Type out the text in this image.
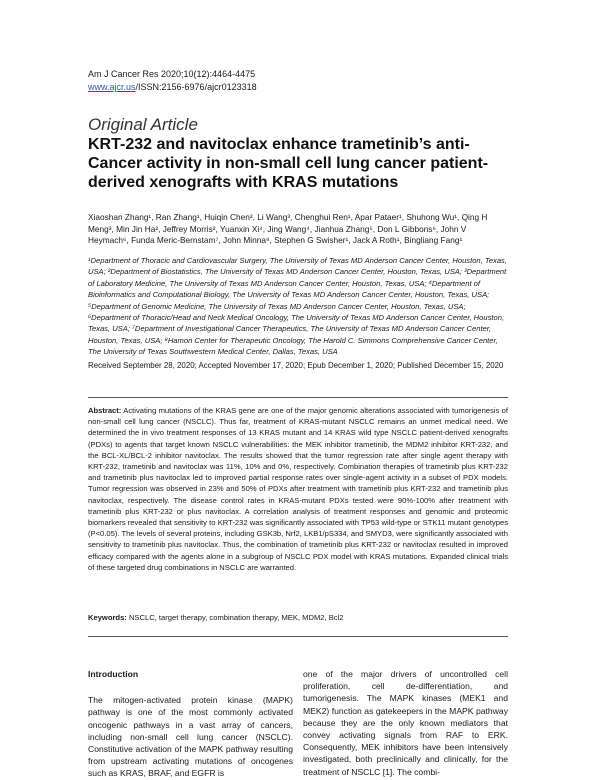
Am J Cancer Res 2020;10(12):4464-4475
www.ajcr.us/ISSN:2156-6976/ajcr0123318
Original Article
KRT-232 and navitoclax enhance trametinib’s anti-Cancer activity in non-small cell lung cancer patient-derived xenografts with KRAS mutations
Xiaoshan Zhang¹, Ran Zhang¹, Huiqin Chen², Li Wang³, Chenghui Ren¹, Apar Pataer¹, Shuhong Wu¹, Qing H Meng³, Min Jin Ha², Jeffrey Morris², Yuanxin Xi⁴, Jing Wang⁴, Jianhua Zhang⁵, Don L Gibbons⁶, John V Heymach⁶, Funda Meric-Bernstam⁷, John Minna⁸, Stephen G Swisher¹, Jack A Roth¹, Bingliang Fang¹
¹Department of Thoracic and Cardiovascular Surgery, The University of Texas MD Anderson Cancer Center, Houston, Texas, USA; ²Department of Biostatistics, The University of Texas MD Anderson Cancer Center, Houston, Texas, USA; ³Department of Laboratory Medicine, The University of Texas MD Anderson Cancer Center, Houston, Texas, USA; ⁴Department of Bioinformatics and Computational Biology, The University of Texas MD Anderson Cancer Center, Houston, Texas, USA; ⁵Department of Genomic Medicine, The University of Texas MD Anderson Cancer Center, Houston, Texas, USA; ⁶Department of Thoracic/Head and Neck Medical Oncology, The University of Texas MD Anderson Cancer Center, Houston, Texas, USA; ⁷Department of Investigational Cancer Therapeutics, The University of Texas MD Anderson Cancer Center, Houston, Texas, USA; ⁸Hamon Center for Therapeutic Oncology, The Harold C. Simmons Comprehensive Cancer Center, The University of Texas Southwestern Medical Center, Dallas, Texas, USA
Received September 28, 2020; Accepted November 17, 2020; Epub December 1, 2020; Published December 15, 2020
Abstract: Activating mutations of the KRAS gene are one of the major genomic alterations associated with tumorigenesis of non-small cell lung cancer (NSCLC). Thus far, treatment of KRAS-mutant NSCLC remains an unmet medical need. We determined the in vivo treatment responses of 13 KRAS mutant and 14 KRAS wild type NSCLC patient-derived xenografts (PDXs) to agents that target known NSCLC vulnerabilities: the MEK inhibitor trametinib, the MDM2 inhibitor KRT-232, and the BCL-XL/BCL-2 inhibitor navitoclax. The results showed that the tumor regression rate after single agent therapy with KRT-232, trametinib and navitoclax was 11%, 10% and 0%, respectively. Combination therapies of trametinib plus KRT-232 and trametinib plus navitoclax led to improved partial response rates over single-agent activity in a subset of PDX models. Tumor regression was observed in 23% and 50% of PDXs after treatment with trametinib plus KRT-232 and trametinib plus navitoclax, respectively. The disease control rates in KRAS-mutant PDXs tested were 90%-100% after treatment with trametinib plus KRT-232 or plus navitoclax. A correlation analysis of treatment responses and genomic and proteomic biomarkers revealed that sensitivity to KRT-232 was significantly associated with TP53 wild-type or STK11 mutant genotypes (P<0.05). The levels of several proteins, including GSK3b, Nrf2, LKB1/pS334, and SMYD3, were significantly associated with sensitivity to trametinib plus navitoclax. Thus, the combination of trametinib plus KRT-232 or navitoclax resulted in improved efficacy compared with the agents alone in a subgroup of NSCLC PDX model with KRAS mutations. Expanded clinical trials of these targeted drug combinations in NSCLC are warranted.
Keywords: NSCLC, target therapy, combination therapy, MEK, MDM2, Bcl2
Introduction
The mitogen-activated protein kinase (MAPK) pathway is one of the most commonly activated oncogenic pathways in a vast array of cancers, including non-small cell lung cancer (NSCLC). Constitutive activation of the MAPK pathway resulting from upstream activating mutations of oncogenes such as KRAS, BRAF, and EGFR is
one of the major drivers of uncontrolled cell proliferation, cell de-differentiation, and tumorigenesis. The MAPK kinases (MEK1 and MEK2) function as gatekeepers in the MAPK pathway because they are the only known mediators that convey activating signals from RAF to ERK. Consequently, MEK inhibitors have been intensively investigated, both preclinically and clinically, for the treatment of NSCLC [1]. The combi-
